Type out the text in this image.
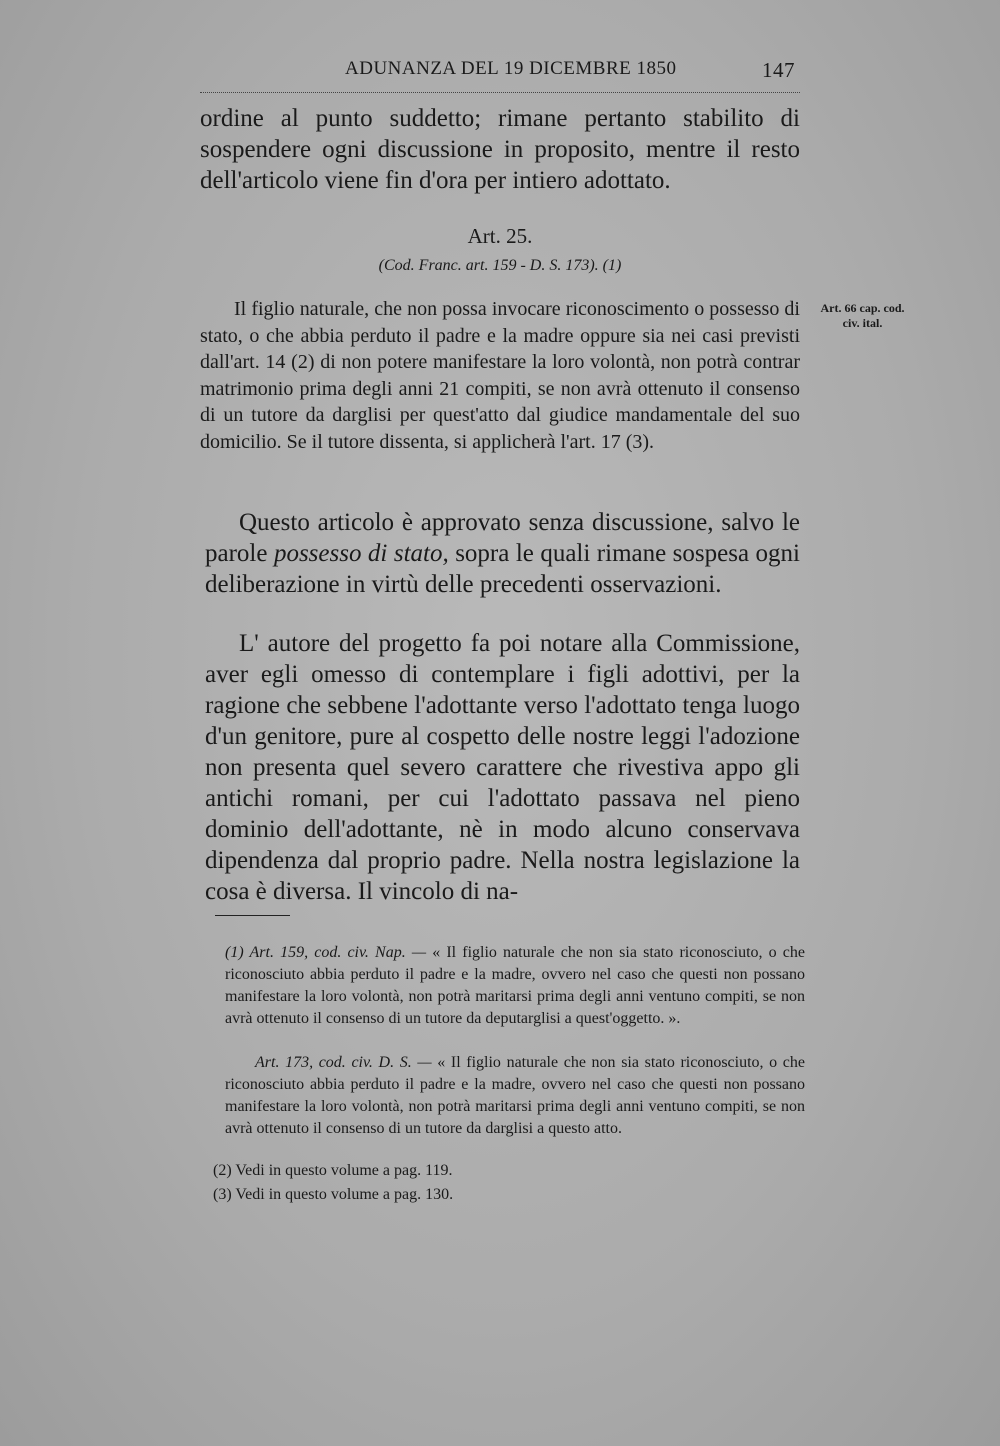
ADUNANZA DEL 19 DICEMBRE 1850	147

ordine al punto suddetto; rimane pertanto stabilito di sospendere ogni discussione in proposito, mentre il resto dell'articolo viene fin d'ora per intiero adottato.

Art. 25.

(Cod. Franc. art. 159 - D. S. 173). (1)

Il figlio naturale, che non possa invocare riconoscimento o possesso di stato, o che abbia perduto il padre e la madre oppure sia nei casi previsti dall'art. 14 (2) di non potere manifestare la loro volontà, non potrà contrar matrimonio prima degli anni 21 compiti, se non avrà ottenuto il consenso di un tutore da darglisi per quest'atto dal giudice mandamentale del suo domicilio. Se il tutore dissenta, si applicherà l'art. 17 (3).

Art. 66 cap. cod. civ. ital.

Questo articolo è approvato senza discussione, salvo le parole possesso di stato, sopra le quali rimane sospesa ogni deliberazione in virtù delle precedenti osservazioni.

L' autore del progetto fa poi notare alla Commissione, aver egli omesso di contemplare i figli adottivi, per la ragione che sebbene l'adottante verso l'adottato tenga luogo d'un genitore, pure al cospetto delle nostre leggi l'adozione non presenta quel severo carattere che rivestiva appo gli antichi romani, per cui l'adottato passava nel pieno dominio dell'adottante, nè in modo alcuno conservava dipendenza dal proprio padre. Nella nostra legislazione la cosa è diversa. Il vincolo di na-

(1) Art. 159, cod. civ. Nap. — « Il figlio naturale che non sia stato riconosciuto, o che riconosciuto abbia perduto il padre e la madre, ovvero nel caso che questi non possano manifestare la loro volontà, non potrà maritarsi prima degli anni ventuno compiti, se non avrà ottenuto il consenso di un tutore da deputarglisi a quest'oggetto. ».

Art. 173, cod. civ. D. S. — « Il figlio naturale che non sia stato riconosciuto, o che riconosciuto abbia perduto il padre e la madre, ovvero nel caso che questi non possano manifestare la loro volontà, non potrà maritarsi prima degli anni ventuno compiti, se non avrà ottenuto il consenso di un tutore da darglisi a questo atto.

(2) Vedi in questo volume a pag. 119.

(3) Vedi in questo volume a pag. 130.
